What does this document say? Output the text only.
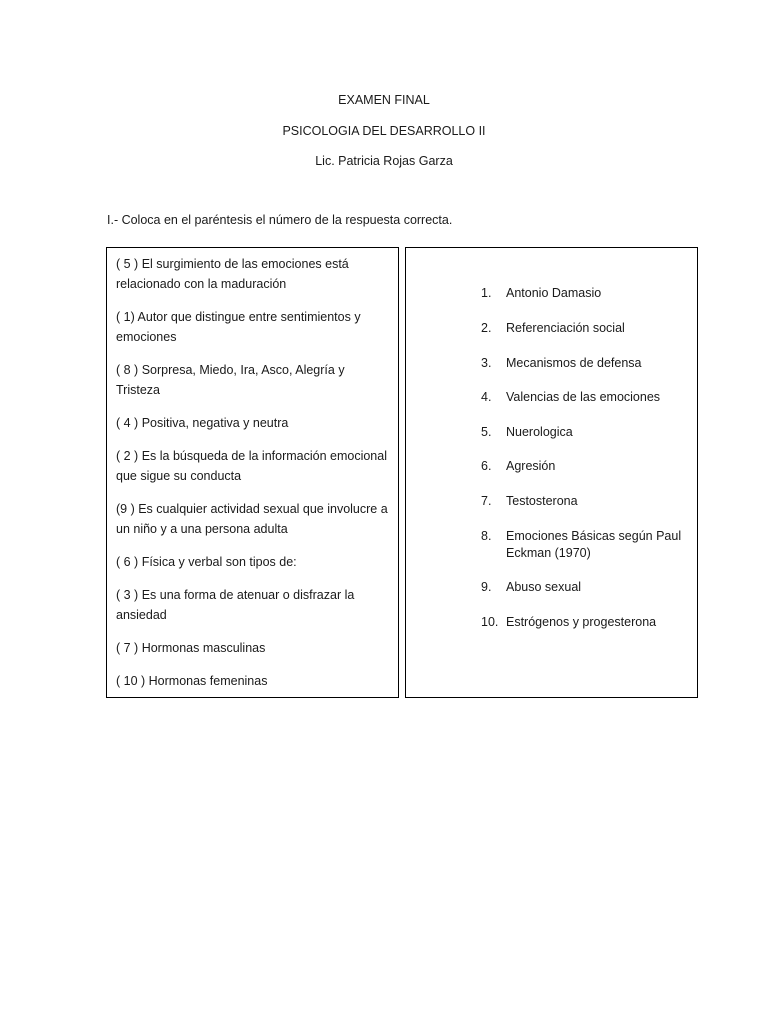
EXAMEN FINAL
PSICOLOGIA DEL DESARROLLO II
Lic. Patricia Rojas Garza
I.- Coloca en el paréntesis el número de la respuesta correcta.
( 5 ) El surgimiento de las emociones está relacionado con la maduración
( 1) Autor que distingue entre sentimientos y emociones
( 8 ) Sorpresa, Miedo, Ira, Asco, Alegría y Tristeza
( 4 ) Positiva, negativa y neutra
( 2 ) Es la búsqueda de la información emocional que sigue su conducta
(9 ) Es cualquier actividad sexual que involucre a un niño y a una persona adulta
( 6 ) Física y verbal son tipos de:
( 3 ) Es una forma de atenuar o disfrazar la ansiedad
( 7 ) Hormonas masculinas
( 10 ) Hormonas femeninas
1.	Antonio Damasio
2.	Referenciación social
3.	Mecanismos de defensa
4.	Valencias de las emociones
5.	Nuerologica
6.	Agresión
7.	Testosterona
8.	Emociones Básicas según Paul Eckman (1970)
9.	Abuso sexual
10. Estrógenos y progesterona
